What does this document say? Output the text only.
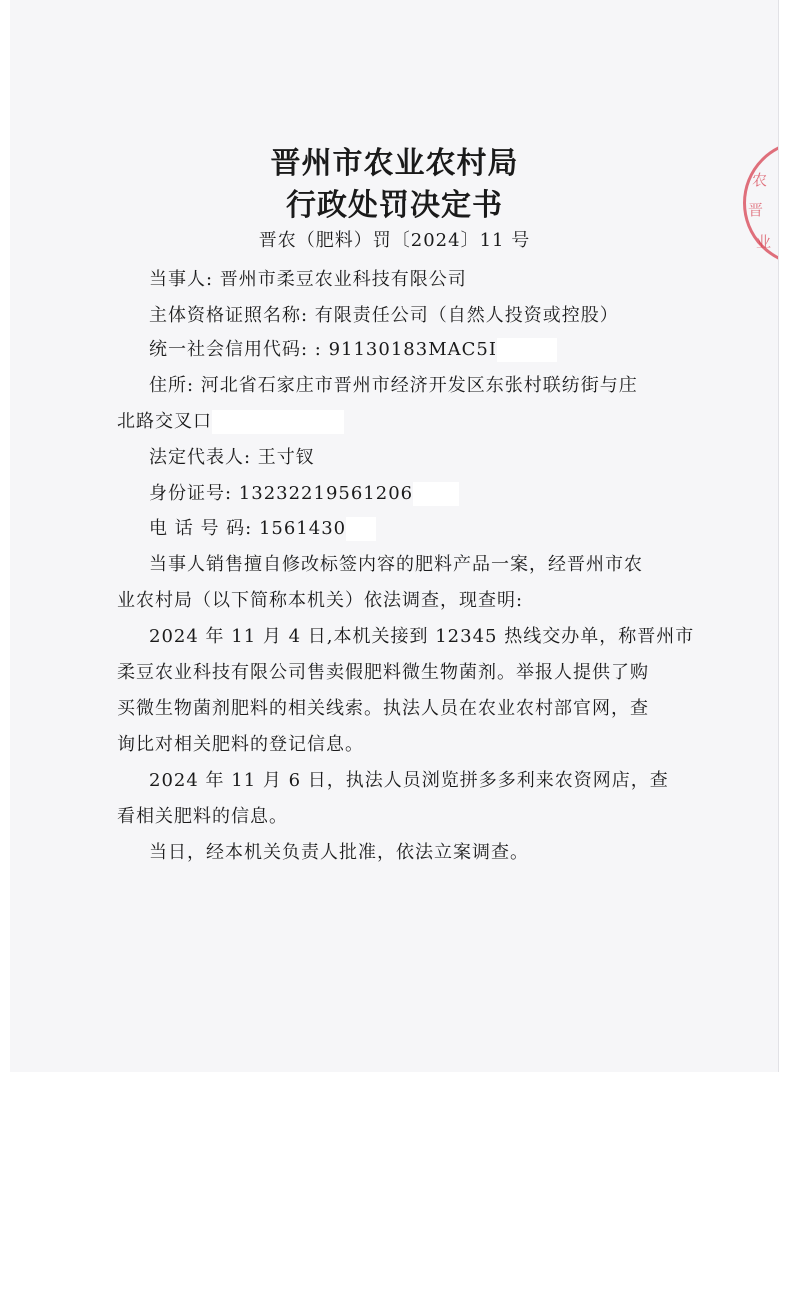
农
晋
业
晋州市农业农村局
行政处罚决定书

晋农（肥料）罚〔2024〕11 号

当事人: 晋州市柔豆农业科技有限公司

主体资格证照名称: 有限责任公司（自然人投资或控股）

统一社会信用代码: : 91130183MAC5I

住所: 河北省石家庄市晋州市经济开发区东张村联纺街与庄

北路交叉口

法定代表人: 王寸钗

身份证号: 13232219561206

电 话 号 码: 1561430

当事人销售擅自修改标签内容的肥料产品一案，经晋州市农

业农村局（以下简称本机关）依法调查，现查明:

2024 年 11 月 4 日,本机关接到 12345 热线交办单，称晋州市

柔豆农业科技有限公司售卖假肥料微生物菌剂。举报人提供了购

买微生物菌剂肥料的相关线索。执法人员在农业农村部官网，查

询比对相关肥料的登记信息。

2024 年 11 月 6 日，执法人员浏览拼多多利来农资网店，查

看相关肥料的信息。

当日，经本机关负责人批准，依法立案调查。
